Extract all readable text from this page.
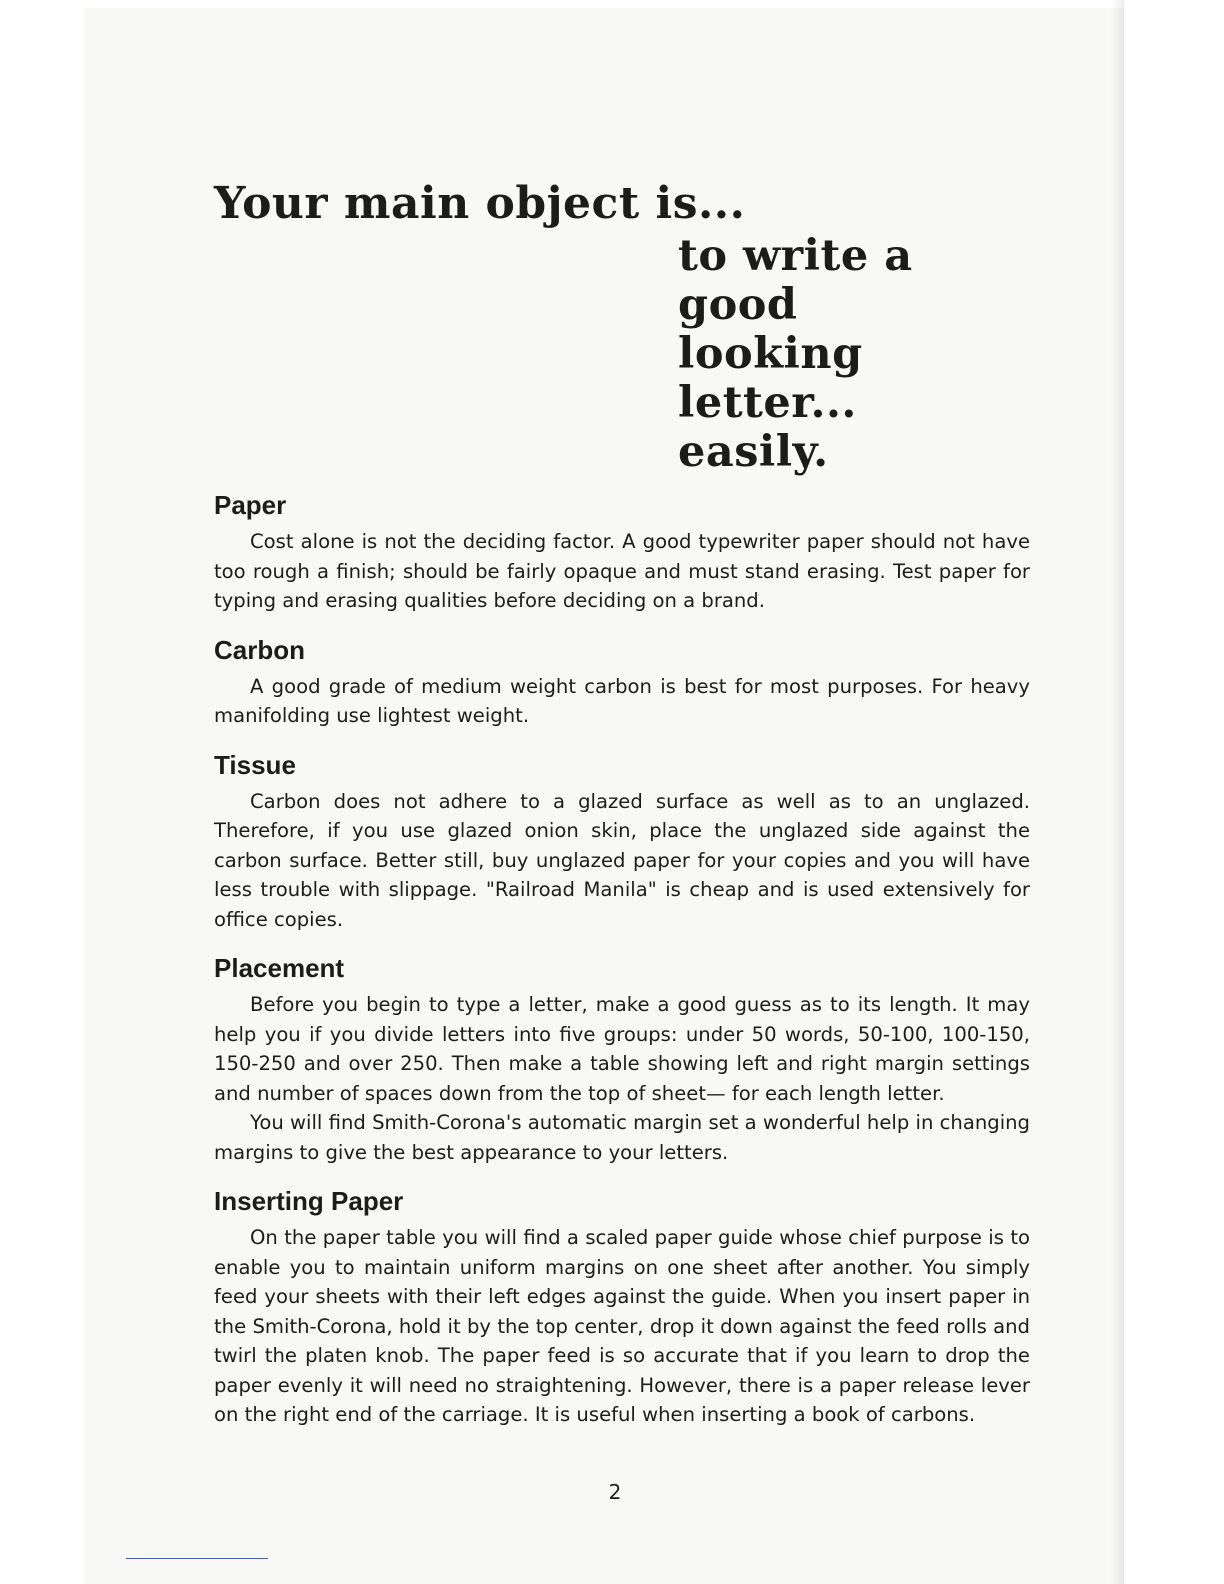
Your main object is...
to write a good
looking letter...
easily.
Paper

Cost alone is not the deciding factor. A good typewriter paper should not have too rough a finish; should be fairly opaque and must stand erasing. Test paper for typing and erasing qualities before deciding on a brand.

Carbon

A good grade of medium weight carbon is best for most purposes. For heavy manifolding use lightest weight.

Tissue

Carbon does not adhere to a glazed surface as well as to an unglazed. Therefore, if you use glazed onion skin, place the unglazed side against the carbon surface. Better still, buy unglazed paper for your copies and you will have less trouble with slippage. "Railroad Manila" is cheap and is used extensively for office copies.

Placement

Before you begin to type a letter, make a good guess as to its length. It may help you if you divide letters into five groups: under 50 words, 50-100, 100-150, 150-250 and over 250. Then make a table showing left and right margin settings and number of spaces down from the top of sheet— for each length letter.

You will find Smith-Corona's automatic margin set a wonderful help in changing margins to give the best appearance to your letters.

Inserting Paper

On the paper table you will find a scaled paper guide whose chief purpose is to enable you to maintain uniform margins on one sheet after another. You simply feed your sheets with their left edges against the guide. When you insert paper in the Smith-Corona, hold it by the top center, drop it down against the feed rolls and twirl the platen knob. The paper feed is so accurate that if you learn to drop the paper evenly it will need no straightening. However, there is a paper release lever on the right end of the carriage. It is useful when inserting a book of carbons.

2
